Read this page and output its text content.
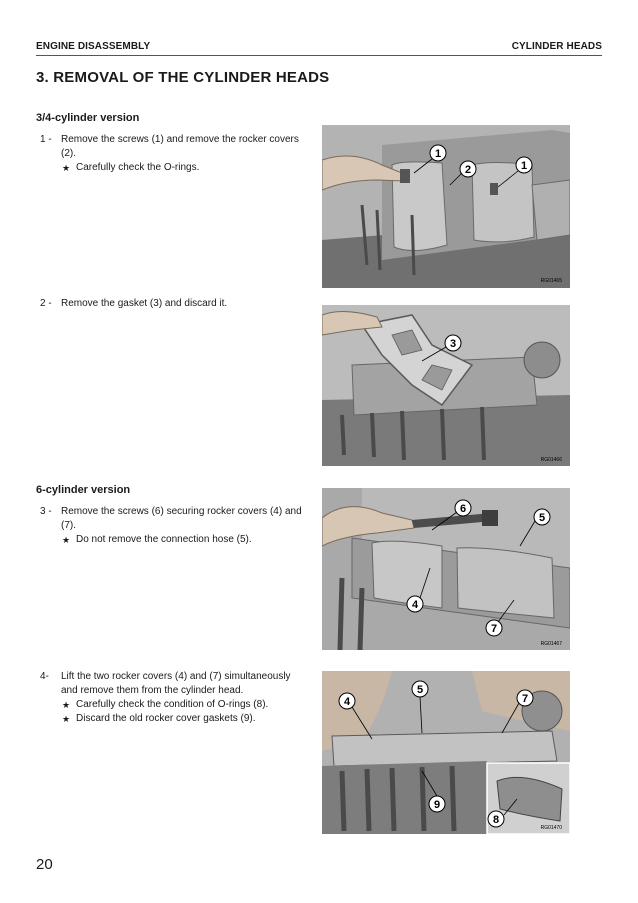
ENGINE DISASSEMBLY	CYLINDER HEADS
3. REMOVAL OF THE CYLINDER HEADS
3/4-cylinder version
1 - Remove the screws (1) and remove the rocker covers (2).
★ Carefully check the O-rings.
2 - Remove the gasket (3) and discard it.
6-cylinder version
3 - Remove the screws (6) securing rocker covers (4) and (7).
★ Do not remove the connection hose (5).
4- Lift the two rocker covers (4) and (7) simultaneously and remove them from the cylinder head.
★ Carefully check the condition of O-rings (8).
★ Discard the old rocker cover gaskets (9).
1
2	1
RG01465
3
RG01466
6
5
4
7
RG01467
4
5
7
9
8
RG01470
20
